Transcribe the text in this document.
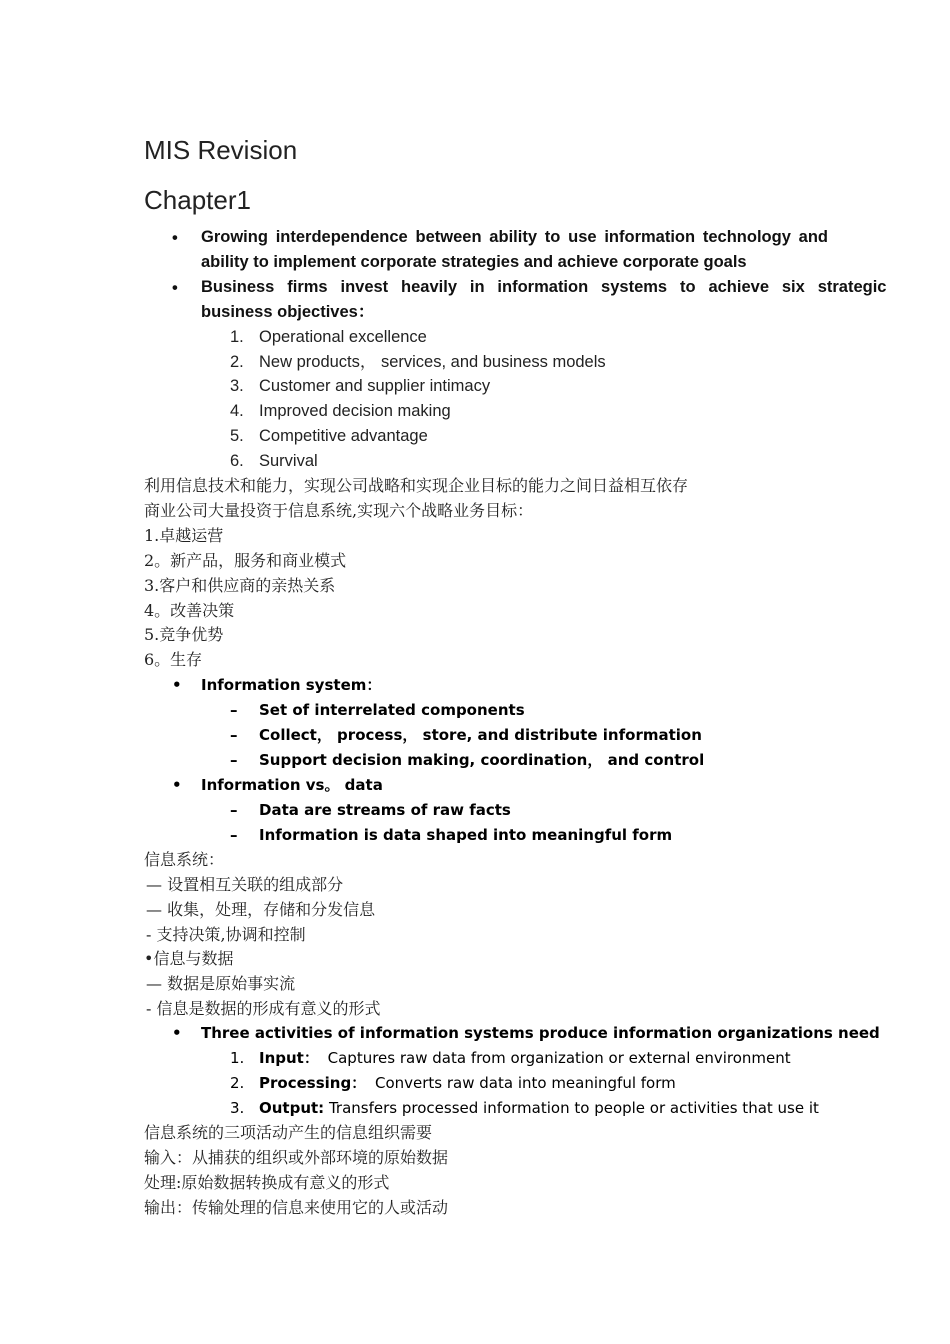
MIS Revision
Chapter1
• Growing interdependence between ability to use information technology and
ability to implement corporate strategies and achieve corporate goals
• Business firms invest heavily in information systems to achieve six strategic
business objectives：
1. Operational excellence
2. New products， services, and business models
3. Customer and supplier intimacy
4. Improved decision making
5. Competitive advantage
6. Survival
利用信息技术和能力，实现公司战略和实现企业目标的能力之间日益相互依存
商业公司大量投资于信息系统,实现六个战略业务目标：
1.卓越运营
2。新产品，服务和商业模式
3.客户和供应商的亲热关系
4。改善决策
5.竞争优势
6。生存
• Information system：
– Set of interrelated components
– Collect， process， store, and distribute information
– Support decision making, coordination， and control
• Information vs。 data
– Data are streams of raw facts
– Information is data shaped into meaningful form
信息系统：
— 设置相互关联的组成部分
— 收集，处理，存储和分发信息
- 支持决策,协调和控制
•信息与数据
— 数据是原始事实流
- 信息是数据的形成有意义的形式
• Three activities of information systems produce information organizations need
1. Input： Captures raw data from organization or external environment
2. Processing： Converts raw data into meaningful form
3. Output: Transfers processed information to people or activities that use it
信息系统的三项活动产生的信息组织需要
输入：从捕获的组织或外部环境的原始数据
处理:原始数据转换成有意义的形式
输出：传输处理的信息来使用它的人或活动
